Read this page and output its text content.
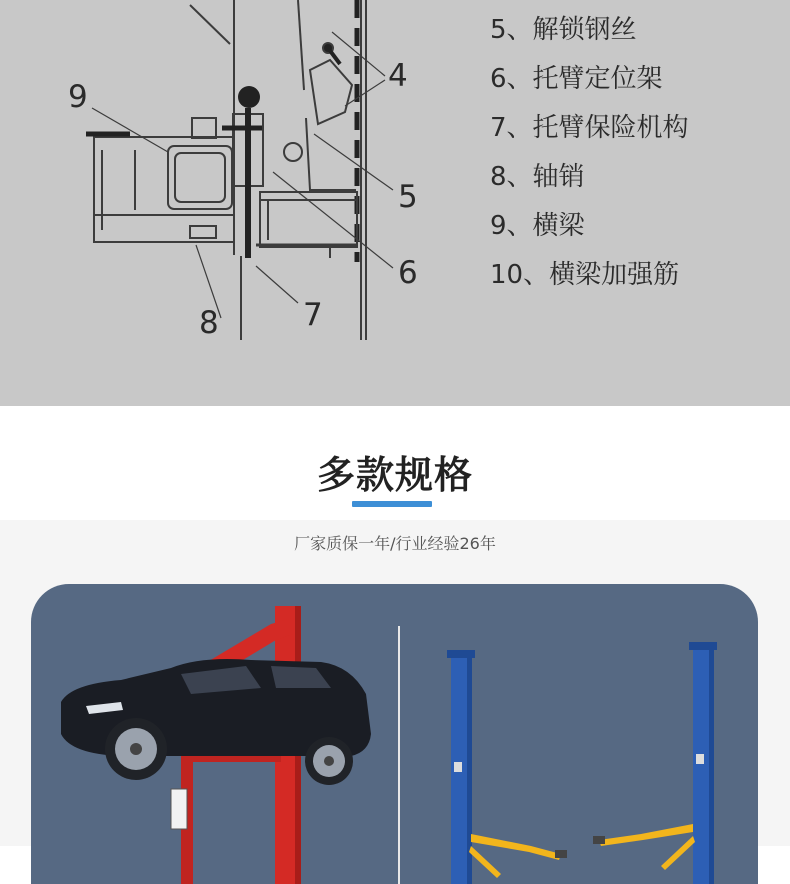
9
8	7
6
5
4
5、解锁钢丝
6、托臂定位架
7、托臂保险机构
8、轴销
9、横梁
10、横梁加强筋
多款规格
厂家质保一年/行业经验26年
